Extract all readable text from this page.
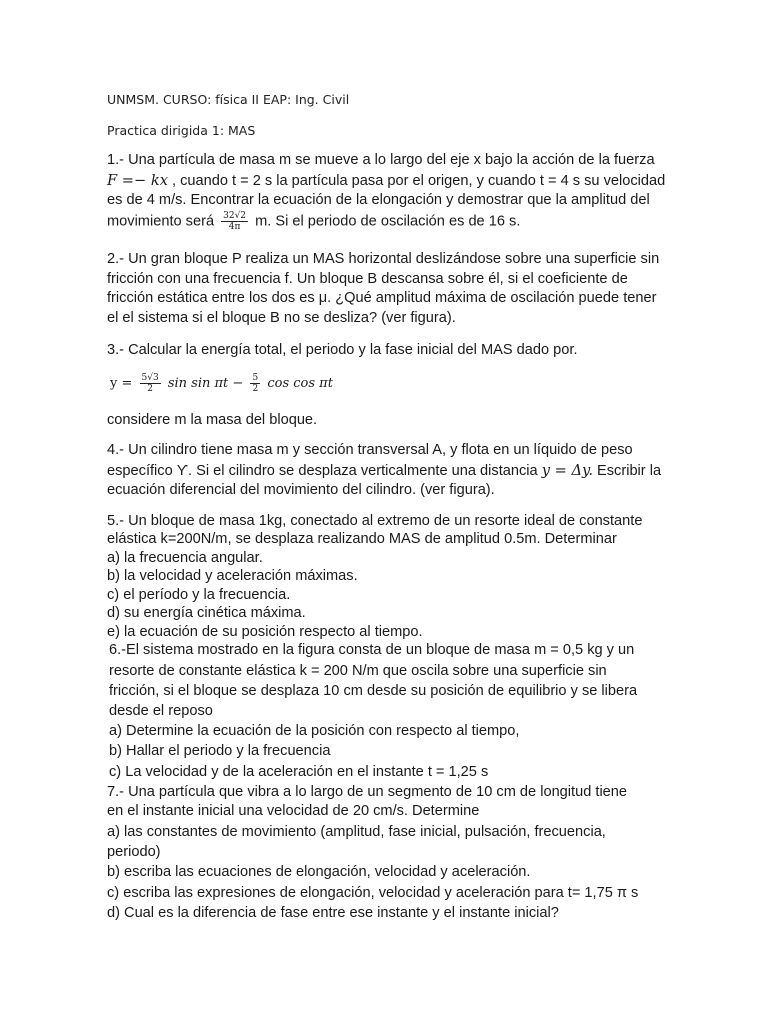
UNMSM. CURSO: física II EAP: Ing. Civil
Practica dirigida 1: MAS
1.- Una partícula de masa m se mueve a lo largo del eje x bajo la acción de la fuerza F =− kx , cuando t = 2 s la partícula pasa por el origen, y cuando t = 4 s su velocidad es de 4 m/s. Encontrar la ecuación de la elongación y demostrar que la amplitud del movimiento será $\frac{32√2}{4\pi} m$. Si el periodo de oscilación es de 16 s.
2.- Un gran bloque P realiza un MAS horizontal deslizándose sobre una superficie sin fricción con una frecuencia f. Un bloque B descansa sobre él, si el coeficiente de fricción estática entre los dos es μ. ¿Qué amplitud máxima de oscilación puede tener el el sistema si el bloque B no se desliza? (ver figura).
3.- Calcular la energía total, el periodo y la fase inicial del MAS dado por.
$y = \frac{5√3}{2}$ $\sin \sin \pi t - \frac{5}{2}$ cos cos πt
considere m la masa del bloque.
4.- Un cilindro tiene masa m y sección transversal A, y flota en un líquido de peso específico ϒ. Si el cilindro se desplaza verticalmente una distancia y = Δy. Escribir la ecuación diferencial del movimiento del cilindro. (ver figura).
5.- Un bloque de masa 1kg, conectado al extremo de un resorte ideal de constante
elástica k=200N/m, se desplaza realizando MAS de amplitud 0.5m. Determinar
a) la frecuencia angular.
b) la velocidad y aceleración máximas.
c) el período y la frecuencia.
d) su energía cinética máxima.
e) la ecuación de su posición respecto al tiempo.
6.-El sistema mostrado en la figura consta de un bloque de masa m = 0,5 kg y un
resorte de constante elástica k = 200 N/m que oscila sobre una superficie sin
fricción, si el bloque se desplaza 10 cm desde su posición de equilibrio y se libera
desde el reposo
a) Determine la ecuación de la posición con respecto al tiempo,
b) Hallar el periodo y la frecuencia
c) La velocidad y de la aceleración en el instante t = 1,25 s
7.- Una partícula que vibra a lo largo de un segmento de 10 cm de longitud tiene
en el instante inicial una velocidad de 20 cm/s. Determine
a) las constantes de movimiento (amplitud, fase inicial, pulsación, frecuencia,
periodo)
b) escriba las ecuaciones de elongación, velocidad y aceleración.
c) escriba las expresiones de elongación, velocidad y aceleración para t= 1,75 π s
d) Cual es la diferencia de fase entre ese instante y el instante inicial?
